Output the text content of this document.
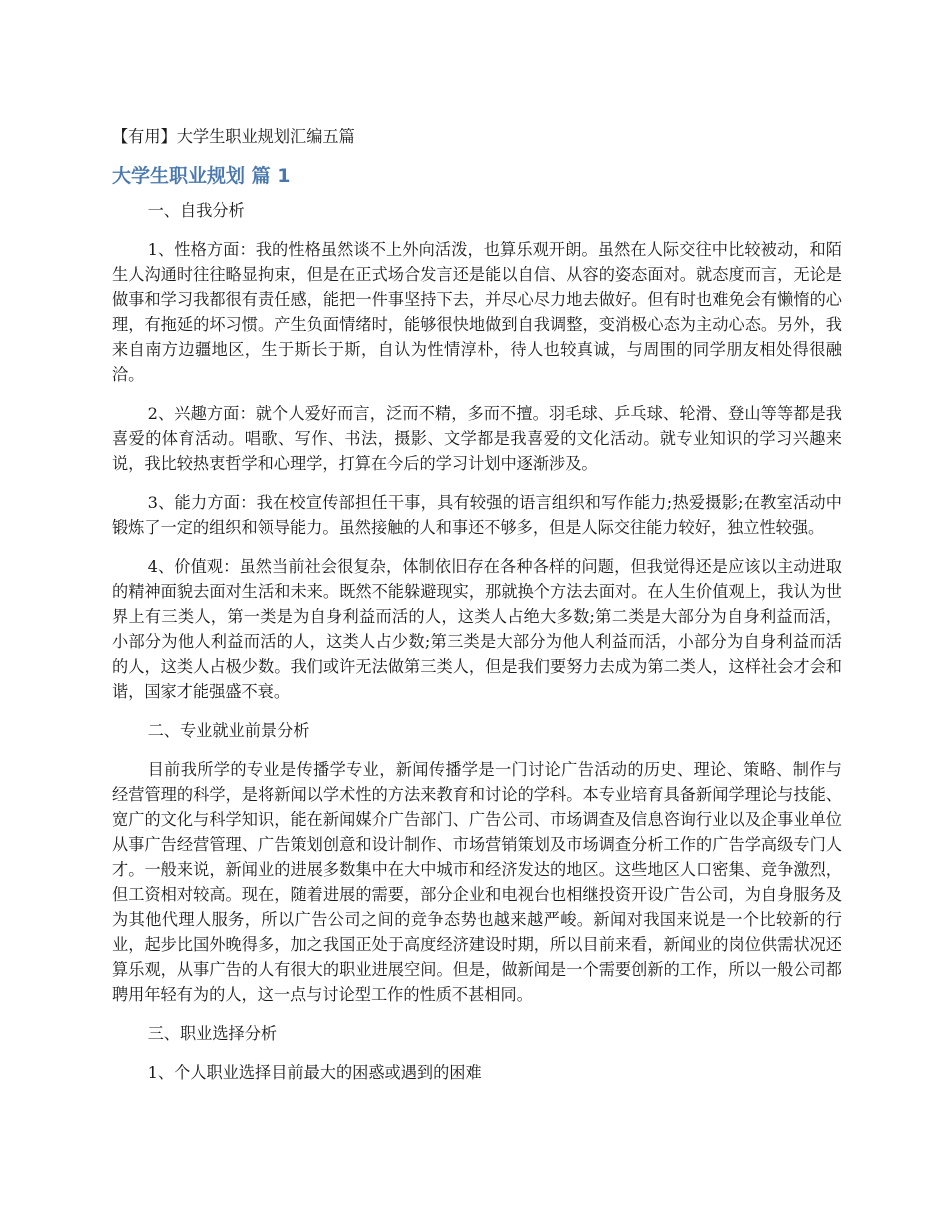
【有用】大学生职业规划汇编五篇

大学生职业规划 篇 1

一、自我分析

1、性格方面：我的性格虽然谈不上外向活泼，也算乐观开朗。虽然在人际交往中比较被动，和陌生人沟通时往往略显拘束，但是在正式场合发言还是能以自信、从容的姿态面对。就态度而言，无论是做事和学习我都很有责任感，能把一件事坚持下去，并尽心尽力地去做好。但有时也难免会有懒惰的心理，有拖延的坏习惯。产生负面情绪时，能够很快地做到自我调整，变消极心态为主动心态。另外，我来自南方边疆地区，生于斯长于斯，自认为性情淳朴，待人也较真诚，与周围的同学朋友相处得很融洽。

2、兴趣方面：就个人爱好而言，泛而不精，多而不擅。羽毛球、乒乓球、轮滑、登山等等都是我喜爱的体育活动。唱歌、写作、书法，摄影、文学都是我喜爱的文化活动。就专业知识的学习兴趣来说，我比较热衷哲学和心理学，打算在今后的学习计划中逐渐涉及。

3、能力方面：我在校宣传部担任干事，具有较强的语言组织和写作能力;热爱摄影;在教室活动中锻炼了一定的组织和领导能力。虽然接触的人和事还不够多，但是人际交往能力较好，独立性较强。

4、价值观：虽然当前社会很复杂，体制依旧存在各种各样的问题，但我觉得还是应该以主动进取的精神面貌去面对生活和未来。既然不能躲避现实，那就换个方法去面对。在人生价值观上，我认为世界上有三类人，第一类是为自身利益而活的人，这类人占绝大多数;第二类是大部分为自身利益而活，小部分为他人利益而活的人，这类人占少数;第三类是大部分为他人利益而活，小部分为自身利益而活的人，这类人占极少数。我们或许无法做第三类人，但是我们要努力去成为第二类人，这样社会才会和谐，国家才能强盛不衰。

二、专业就业前景分析

目前我所学的专业是传播学专业，新闻传播学是一门讨论广告活动的历史、理论、策略、制作与经营管理的科学，是将新闻以学术性的方法来教育和讨论的学科。本专业培育具备新闻学理论与技能、宽广的文化与科学知识，能在新闻媒介广告部门、广告公司、市场调查及信息咨询行业以及企事业单位从事广告经营管理、广告策划创意和设计制作、市场营销策划及市场调查分析工作的广告学高级专门人才。一般来说，新闻业的进展多数集中在大中城市和经济发达的地区。这些地区人口密集、竞争激烈，但工资相对较高。现在，随着进展的需要，部分企业和电视台也相继投资开设广告公司，为自身服务及为其他代理人服务，所以广告公司之间的竞争态势也越来越严峻。新闻对我国来说是一个比较新的行业，起步比国外晚得多，加之我国正处于高度经济建设时期，所以目前来看，新闻业的岗位供需状况还算乐观，从事广告的人有很大的职业进展空间。但是，做新闻是一个需要创新的工作，所以一般公司都聘用年轻有为的人，这一点与讨论型工作的性质不甚相同。

三、职业选择分析

1、个人职业选择目前最大的困惑或遇到的困难
